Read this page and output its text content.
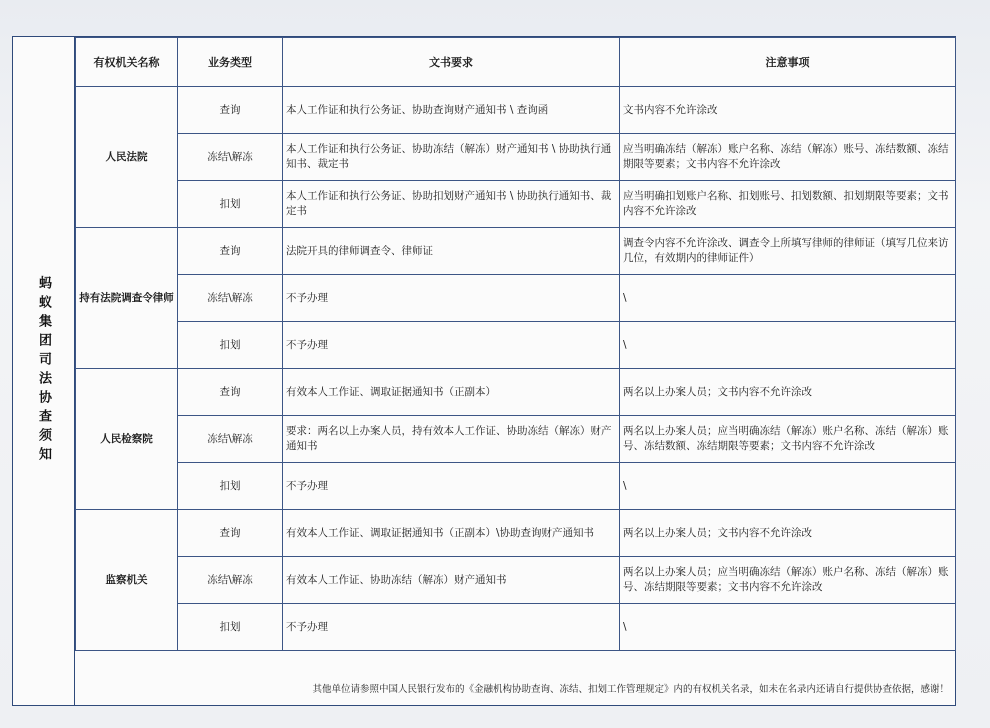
蚂蚁集团司法协查须知
有权机关名称	业务类型	文书要求	注意事项
人民法院	查询	本人工作证和执行公务证、协助查询财产通知书 \ 查询函	文书内容不允许涂改
	冻结\解冻	本人工作证和执行公务证、协助冻结（解冻）财产通知书 \ 协助执行通知书、裁定书	应当明确冻结（解冻）账户名称、冻结（解冻）账号、冻结数额、冻结期限等要素；文书内容不允许涂改
	扣划	本人工作证和执行公务证、协助扣划财产通知书 \ 协助执行通知书、裁定书	应当明确扣划账户名称、扣划账号、扣划数额、扣划期限等要素；文书内容不允许涂改
持有法院调查令律师	查询	法院开具的律师调查令、律师证	调查令内容不允许涂改、调查令上所填写律师的律师证（填写几位来访几位，有效期内的律师证件）
	冻结\解冻	不予办理	\
	扣划	不予办理	\
人民检察院	查询	有效本人工作证、调取证据通知书（正副本）	两名以上办案人员；文书内容不允许涂改
	冻结\解冻	要求：两名以上办案人员，持有效本人工作证、协助冻结（解冻）财产通知书	两名以上办案人员；应当明确冻结（解冻）账户名称、冻结（解冻）账号、冻结数额、冻结期限等要素；文书内容不允许涂改
	扣划	不予办理	\
监察机关	查询	有效本人工作证、调取证据通知书（正副本）\协助查询财产通知书	两名以上办案人员；文书内容不允许涂改
	冻结\解冻	有效本人工作证、协助冻结（解冻）财产通知书	两名以上办案人员；应当明确冻结（解冻）账户名称、冻结（解冻）账号、冻结期限等要素；文书内容不允许涂改
	扣划	不予办理	\
其他单位请参照中国人民银行发布的《金融机构协助查询、冻结、扣划工作管理规定》内的有权机关名录，如未在名录内还请自行提供协查依据，感谢！
